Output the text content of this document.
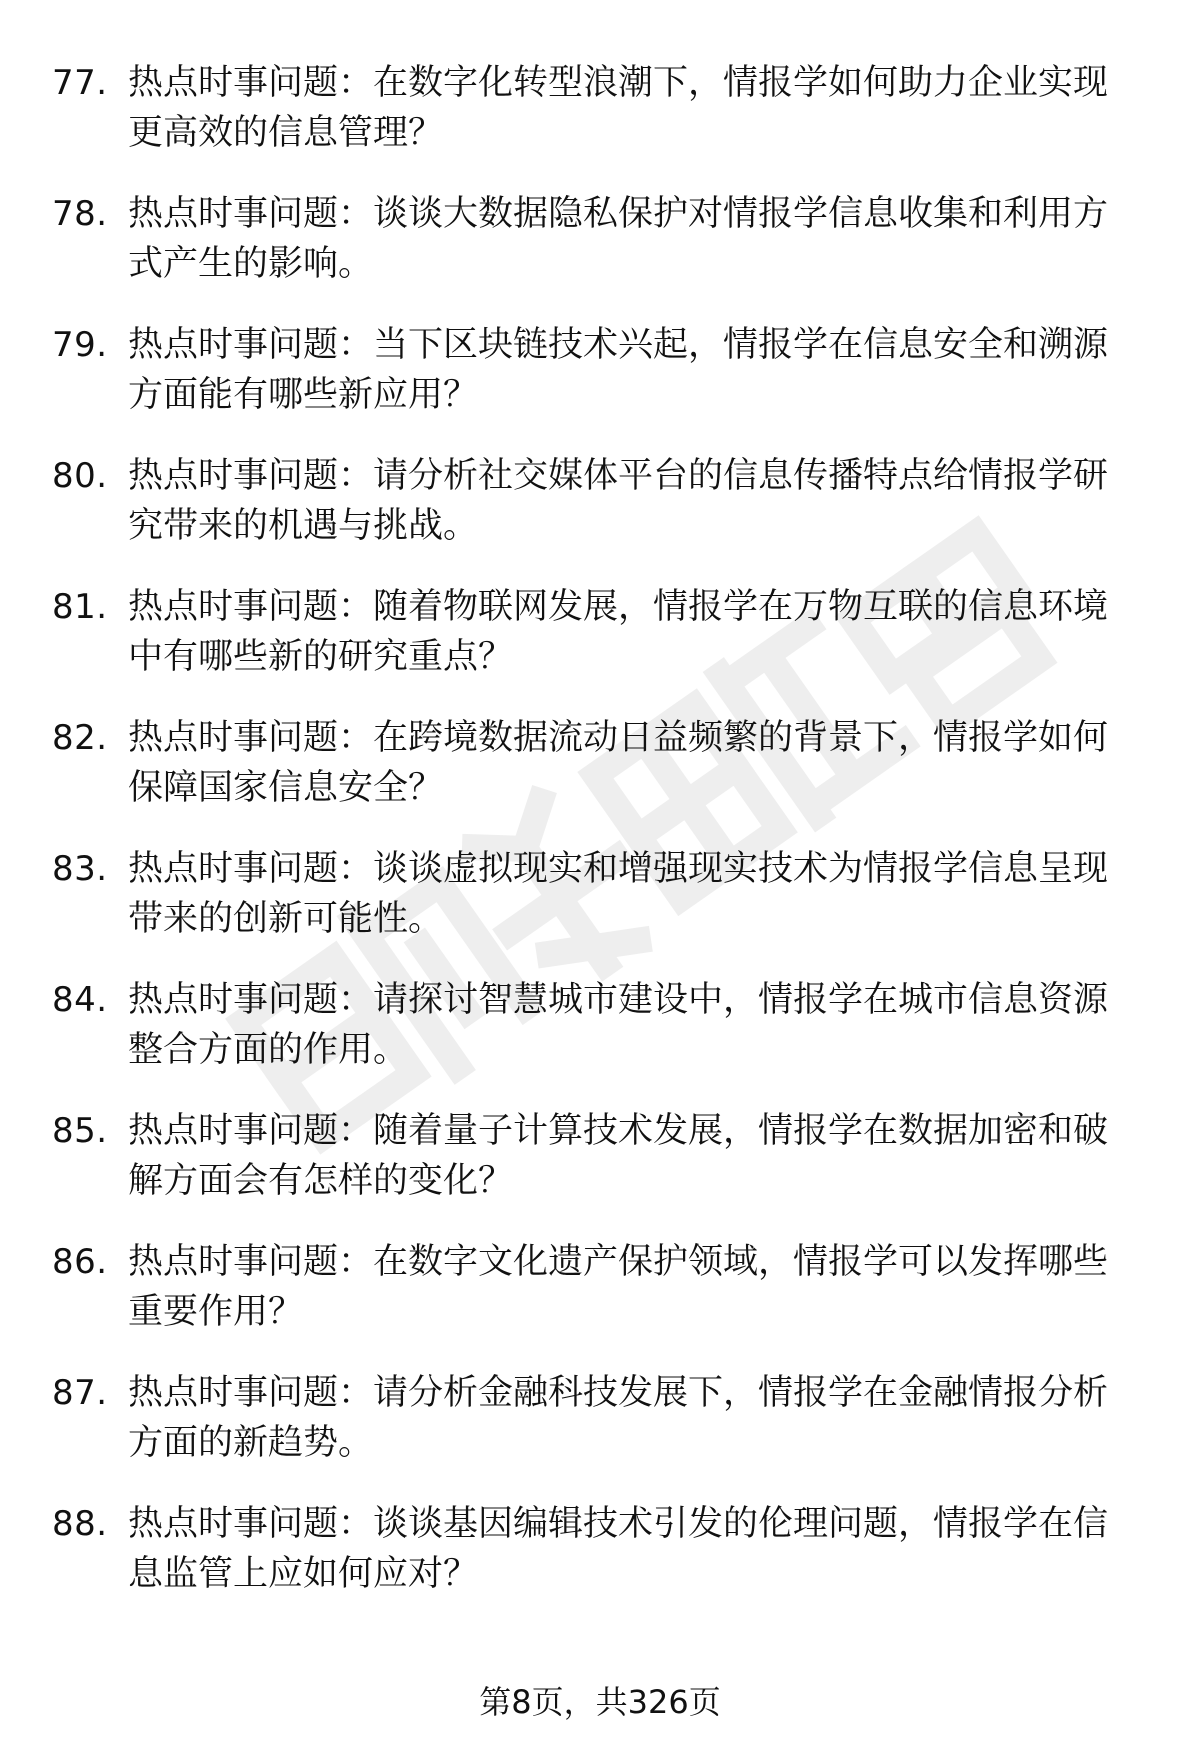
77. 热点时事问题：在数字化转型浪潮下，情报学如何助力企业实现更高效的信息管理？
78. 热点时事问题：谈谈大数据隐私保护对情报学信息收集和利用方式产生的影响。
79. 热点时事问题：当下区块链技术兴起，情报学在信息安全和溯源方面能有哪些新应用？
80. 热点时事问题：请分析社交媒体平台的信息传播特点给情报学研究带来的机遇与挑战。
81. 热点时事问题：随着物联网发展，情报学在万物互联的信息环境中有哪些新的研究重点？
82. 热点时事问题：在跨境数据流动日益频繁的背景下，情报学如何保障国家信息安全？
83. 热点时事问题：谈谈虚拟现实和增强现实技术为情报学信息呈现带来的创新可能性。
84. 热点时事问题：请探讨智慧城市建设中，情报学在城市信息资源整合方面的作用。
85. 热点时事问题：随着量子计算技术发展，情报学在数据加密和破解方面会有怎样的变化？
86. 热点时事问题：在数字文化遗产保护领域，情报学可以发挥哪些重要作用？
87. 热点时事问题：请分析金融科技发展下，情报学在金融情报分析方面的新趋势。
88. 热点时事问题：谈谈基因编辑技术引发的伦理问题，情报学在信息监管上应如何应对？
第8页，共326页
